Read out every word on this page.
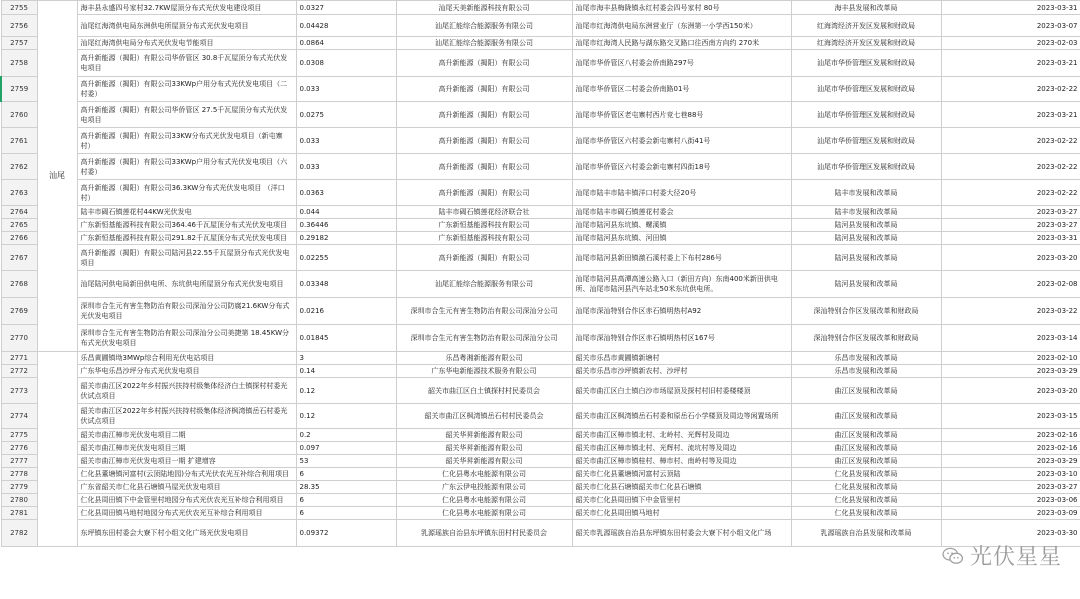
2755	汕尾	海丰县永盛四号家村32.7KW屋顶分布式光伏发电建设项目	0.0327	汕尾天美新能源科技有限公司	汕尾市海丰县梅陇镇永红村委会四号家村 80号	海丰县发展和改革局	2023-03-31
2756		汕尾红海湾供电局东洲供电所屋顶分布式光伏发电项目	0.04428	汕尾汇能综合能源服务有限公司	汕尾市红海湾供电局东洲营业厅（东洲第一小学西150米）	红海湾经济开发区发展和财政局	2023-03-07
2757		汕尾红海湾供电局分布式光伏发电节能项目	0.0864	汕尾汇能综合能源服务有限公司	汕尾市红海湾人民路与湖东路交叉路口往西南方向约 270米	红海湾经济开发区发展和财政局	2023-02-03
2758		高升新能源（揭阳）有限公司华侨管区 30.8千瓦屋顶分布式光伏发电项目	0.0308	高升新能源（揭阳）有限公司	汕尾市华侨管区八村委会侨南路297号	汕尾市华侨管理区发展和财政局	2023-03-21
2759		高升新能源（揭阳）有限公司33KWp户用分布式光伏发电项目（二村委）	0.033	高升新能源（揭阳）有限公司	汕尾市华侨管区二村委会侨南路01号	汕尾市华侨管理区发展和财政局	2023-02-22
2760		高升新能源（揭阳）有限公司华侨管区 27.5千瓦屋顶分布式光伏发电项目	0.0275	高升新能源（揭阳）有限公司	汕尾市华侨管区老屯寨村西片竞七巷88号	汕尾市华侨管理区发展和财政局	2023-03-21
2761		高升新能源（揭阳）有限公司33KW分布式光伏发电项目（新屯寨村）	0.033	高升新能源（揭阳）有限公司	汕尾市华侨管区六村委会新屯寨村八街41号	汕尾市华侨管理区发展和财政局	2023-02-22
2762		高升新能源（揭阳）有限公司33KWp户用分布式光伏发电项目（六村委）	0.033	高升新能源（揭阳）有限公司	汕尾市华侨管区六村委会新屯寨村四街18号	汕尾市华侨管理区发展和财政局	2023-02-22
2763		高升新能源（揭阳）有限公司36.3KW分布式光伏发电项目 （洋口村）	0.0363	高升新能源（揭阳）有限公司	汕尾市陆丰市陆丰镇洋口村委大径20号	陆丰市发展和改革局	2023-02-22
2764		陆丰市碣石镇莲花村44KW光伏发电	0.044	陆丰市碣石镇莲花经济联合社	汕尾市陆丰市碣石镇莲花村委会	陆丰市发展和改革局	2023-03-27
2765		广东新恒基能源科技有限公司364.46千瓦屋顶分布式光伏发电项目	0.36446	广东新恒基能源科技有限公司	汕尾市陆河县东坑镇、螺溪镇	陆河县发展和改革局	2023-03-27
2766		广东新恒基能源科技有限公司291.82千瓦屋顶分布式光伏发电项目	0.29182	广东新恒基能源科技有限公司	汕尾市陆河县东坑镇、河田镇	陆河县发展和改革局	2023-03-31
2767		高升新能源（揭阳）有限公司陆河县22.55千瓦屋顶分布式光伏发电项目	0.02255	高升新能源（揭阳）有限公司	汕尾市陆河县新田镇激石溪村委上下布村286号	陆河县发展和改革局	2023-03-20
2768		汕尾陆河供电局新田供电所、东坑供电所屋顶分布式光伏发电项目	0.03348	汕尾汇能综合能源服务有限公司	汕尾市陆河县高潭高速公路入口（新田方向）东南400米新田供电所、汕尾市陆河县汽车站北50米东坑供电所。	陆河县发展和改革局	2023-02-08
2769		深圳市合生元有害生物防治有限公司深汕分公司防腐21.6KW分布式光伏发电项目	0.0216	深圳市合生元有害生物防治有限公司深汕分公司	汕尾市深汕特别合作区赤石镇明热村A92	深汕特别合作区发展改革和财政局	2023-03-22
2770		深圳市合生元有害生物防治有限公司深汕分公司美捷第 18.45KW分布式光伏发电项目	0.01845	深圳市合生元有害生物防治有限公司深汕分公司	汕尾市深汕特别合作区赤石镇明热村区167号	深汕特别合作区发展改革和财政局	2023-03-14
2771		乐昌黄圃镇坳3MWp综合利用光伏电站项目	3	乐昌粤湘新能源有限公司	韶关市乐昌市黄圃镇新塘村	乐昌市发展和改革局	2023-02-10
2772		广东华电乐昌沙坪分布式光伏发电项目	0.14	广东华电新能源技术服务有限公司	韶关市乐昌市沙坪镇新农村、沙坪村	乐昌市发展和改革局	2023-03-29
2773		韶关市曲江区2022年乡村振兴扶持村级集体经济白土镇探村村委光伏试点项目	0.12	韶关市曲江区白土镇探村村民委员会	韶关市曲江区白土镇白沙市场屋顶及探村村旧村委楼楼顶	曲江区发展和改革局	2023-03-20
2774		韶关市曲江区2022年乡村振兴扶持村级集体经济枫湾镇岳石村委光伏试点项目	0.12	韶关市曲江区枫湾镇岳石村村民委员会	韶关市曲江区枫湾镇岳石村委和原岳石小学楼顶及周边等闲置场所	曲江区发展和改革局	2023-03-15
2775		韶关市曲江樟市光伏发电项目二期	0.2	韶关华昇新能源有限公司	韶关市曲江区樟市镇北村、北岭村、光辉村及周边	曲江区发展和改革局	2023-02-16
2776		韶关市曲江樟市光伏发电项目三期	0.097	韶关华昇新能源有限公司	韶关市曲江区樟市镇北村、光辉村、流坑村等及周边	曲江区发展和改革局	2023-02-16
2777		韶关市曲江樟市光伏发电项目一期 扩建增容	53	韶关华昇新能源有限公司	韶关市曲江区樟市镇桂村、樟市村、南岭村等及周边	曲江区发展和改革局	2023-03-29
2778		仁化县董塘镇河富村(云顶陆地园)分布式光伏农光互补综合利用项目	6	仁化县粤水电能源有限公司	韶关市仁化县董塘镇河富村云顶陆	仁化县发展和改革局	2023-03-10
2779		广东省韶关市仁化县石塘镇马屋光伏发电项目	28.35	广东云伊电投能源有限公司	韶关市仁化县石塘镇韶关市仁化县石塘镇	仁化县发展和改革局	2023-03-27
2780		仁化县周田镇下中金管里村地园分布式光伏农光互补综合利用项目	6	仁化县粤水电能源有限公司	韶关市仁化县周田镇下中金管里村	仁化县发展和改革局	2023-03-06
2781		仁化县周田镇马地村地园分布式光伏农光互补综合利用项目	6	仁化县粤水电能源有限公司	韶关市仁化县周田镇马地村	仁化县发展和改革局	2023-03-09
2782		东坪镇东田村委会大寮下村小组文化广场光伏发电项目	0.09372	乳源瑶族自治县东坪镇东田村村民委员会	韶关市乳源瑶族自治县东坪镇东田村委会大寮下村小组文化广场	乳源瑶族自治县发展和改革局	2023-03-30
光伏星星
